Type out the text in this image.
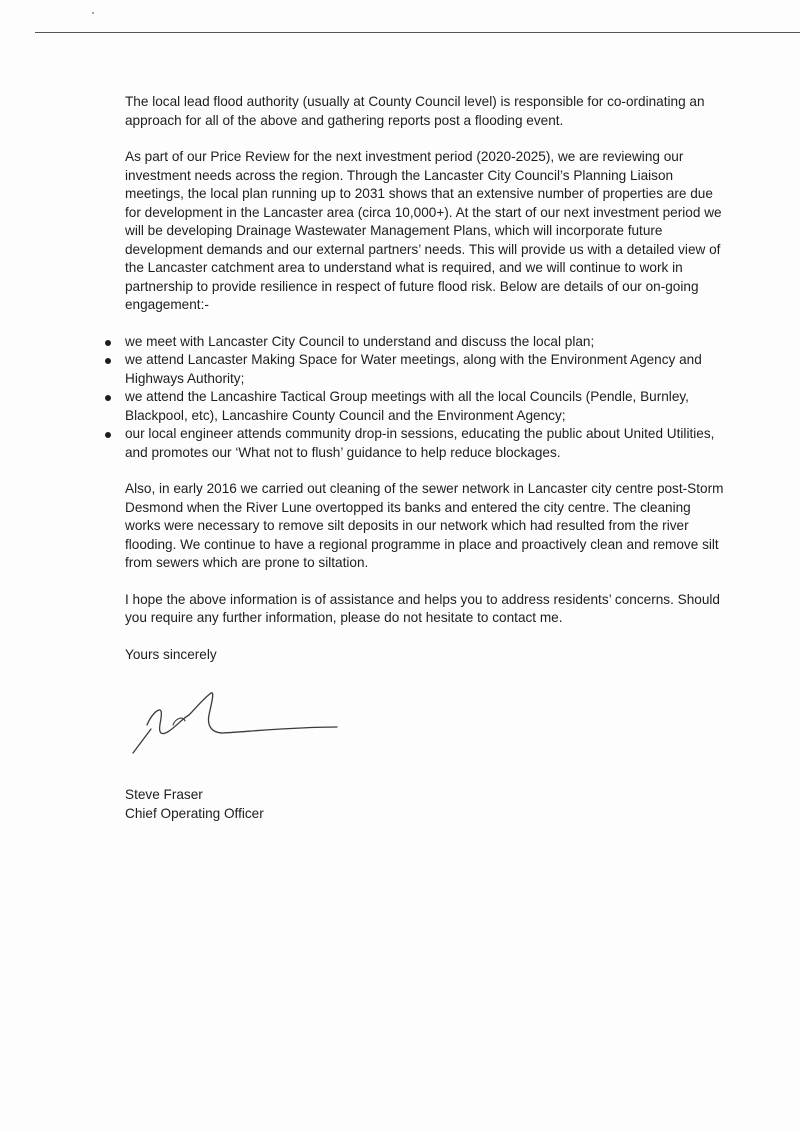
The local lead flood authority (usually at County Council level) is responsible for co-ordinating an approach for all of the above and gathering reports post a flooding event.

As part of our Price Review for the next investment period (2020-2025), we are reviewing our investment needs across the region. Through the Lancaster City Council’s Planning Liaison meetings, the local plan running up to 2031 shows that an extensive number of properties are due for development in the Lancaster area (circa 10,000+). At the start of our next investment period we will be developing Drainage Wastewater Management Plans, which will incorporate future development demands and our external partners’ needs. This will provide us with a detailed view of the Lancaster catchment area to understand what is required, and we will continue to work in partnership to provide resilience in respect of future flood risk. Below are details of our on-going engagement:-

we meet with Lancaster City Council to understand and discuss the local plan;
we attend Lancaster Making Space for Water meetings, along with the Environment Agency and Highways Authority;
we attend the Lancashire Tactical Group meetings with all the local Councils (Pendle, Burnley, Blackpool, etc), Lancashire County Council and the Environment Agency;
our local engineer attends community drop-in sessions, educating the public about United Utilities, and promotes our ‘What not to flush’ guidance to help reduce blockages.

Also, in early 2016 we carried out cleaning of the sewer network in Lancaster city centre post-Storm Desmond when the River Lune overtopped its banks and entered the city centre. The cleaning works were necessary to remove silt deposits in our network which had resulted from the river flooding. We continue to have a regional programme in place and proactively clean and remove silt from sewers which are prone to siltation.

I hope the above information is of assistance and helps you to address residents’ concerns. Should you require any further information, please do not hesitate to contact me.

Yours sincerely

Steve Fraser
Chief Operating Officer
